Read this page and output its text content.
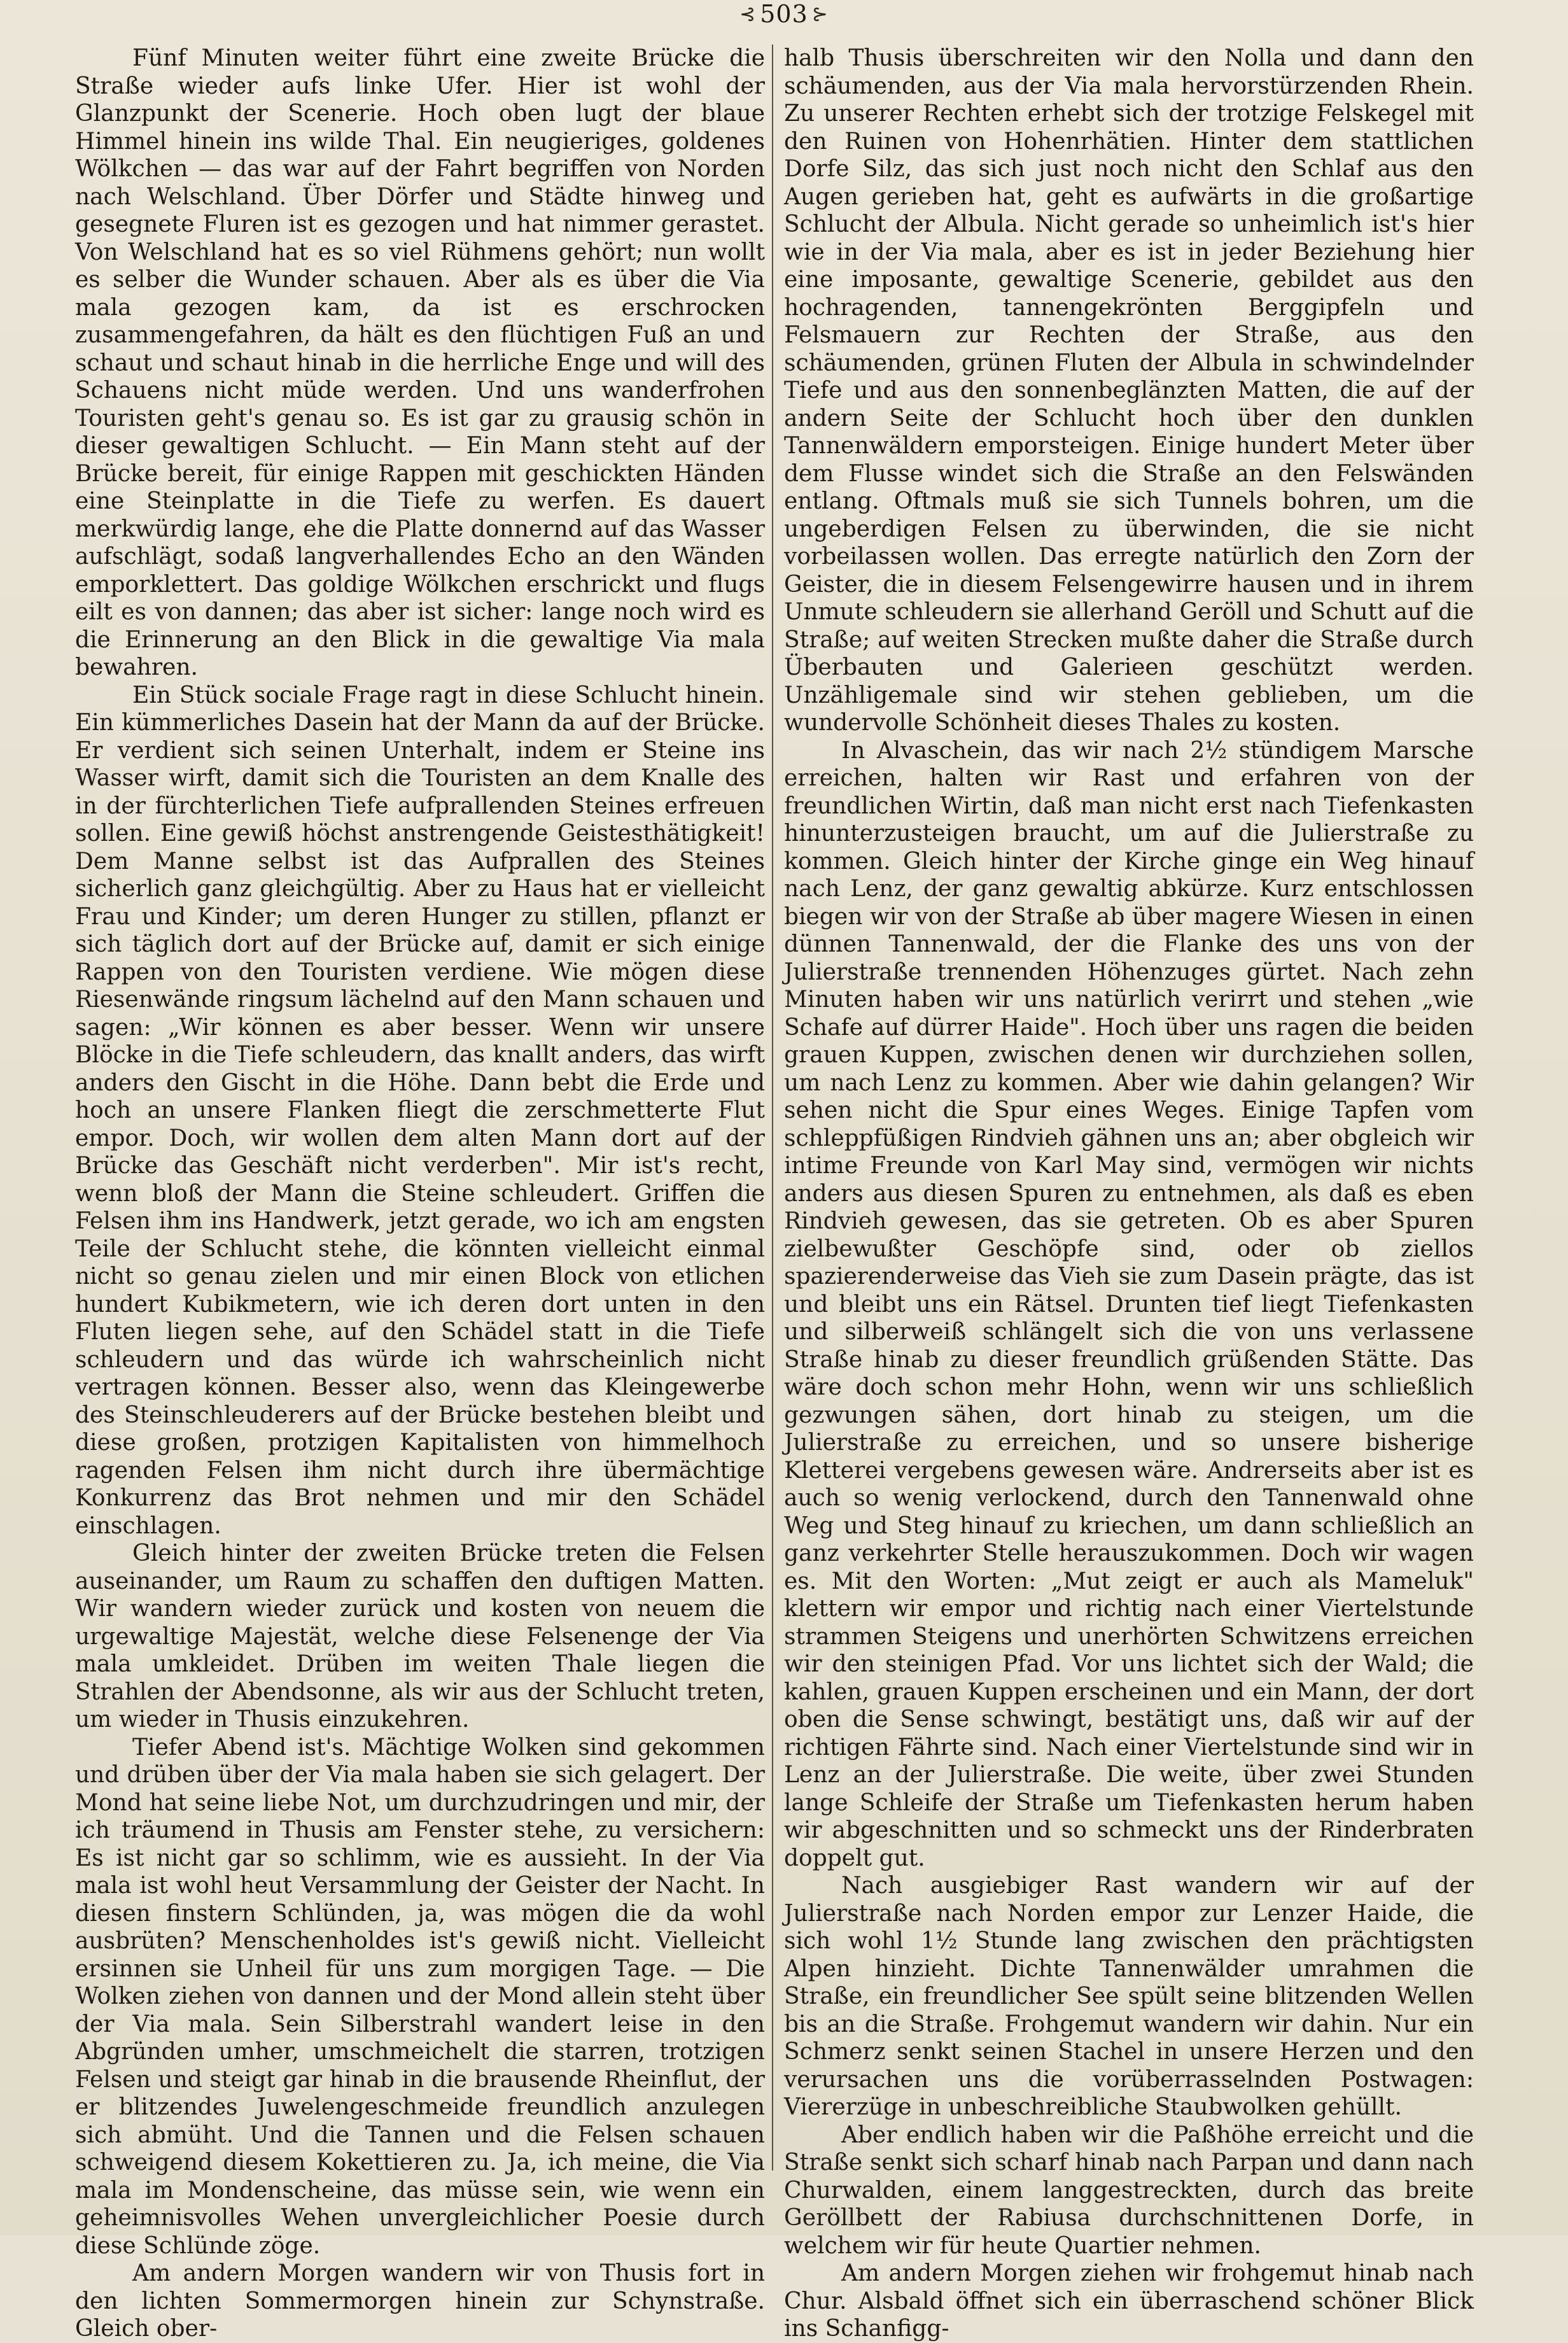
⊰ 503 ⊱

Fünf Minuten weiter führt eine zweite Brücke die Straße wieder aufs linke Ufer. Hier ist wohl der Glanzpunkt der Scenerie. Hoch oben lugt der blaue Himmel hinein ins wilde Thal. Ein neugieriges, goldenes Wölkchen — das war auf der Fahrt begriffen von Norden nach Welschland. Über Dörfer und Städte hinweg und gesegnete Fluren ist es gezogen und hat nimmer gerastet. Von Welschland hat es so viel Rühmens gehört; nun wollt es selber die Wunder schauen. Aber als es über die Via mala gezogen kam, da ist es erschrocken zusammengefahren, da hält es den flüchtigen Fuß an und schaut und schaut hinab in die herrliche Enge und will des Schauens nicht müde werden. Und uns wanderfrohen Touristen geht's genau so. Es ist gar zu grausig schön in dieser gewaltigen Schlucht. — Ein Mann steht auf der Brücke bereit, für einige Rappen mit geschickten Händen eine Steinplatte in die Tiefe zu werfen. Es dauert merkwürdig lange, ehe die Platte donnernd auf das Wasser aufschlägt, sodaß langverhallendes Echo an den Wänden emporklettert. Das goldige Wölkchen erschrickt und flugs eilt es von dannen; das aber ist sicher: lange noch wird es die Erinnerung an den Blick in die gewaltige Via mala bewahren.

Ein Stück sociale Frage ragt in diese Schlucht hinein. Ein kümmerliches Dasein hat der Mann da auf der Brücke. Er verdient sich seinen Unterhalt, indem er Steine ins Wasser wirft, damit sich die Touristen an dem Knalle des in der fürchterlichen Tiefe aufprallenden Steines erfreuen sollen. Eine gewiß höchst anstrengende Geistesthätigkeit! Dem Manne selbst ist das Aufprallen des Steines sicherlich ganz gleichgültig. Aber zu Haus hat er vielleicht Frau und Kinder; um deren Hunger zu stillen, pflanzt er sich täglich dort auf der Brücke auf, damit er sich einige Rappen von den Touristen verdiene. Wie mögen diese Riesenwände ringsum lächelnd auf den Mann schauen und sagen: „Wir können es aber besser. Wenn wir unsere Blöcke in die Tiefe schleudern, das knallt anders, das wirft anders den Gischt in die Höhe. Dann bebt die Erde und hoch an unsere Flanken fliegt die zerschmetterte Flut empor. Doch, wir wollen dem alten Mann dort auf der Brücke das Geschäft nicht verderben". Mir ist's recht, wenn bloß der Mann die Steine schleudert. Griffen die Felsen ihm ins Handwerk, jetzt gerade, wo ich am engsten Teile der Schlucht stehe, die könnten vielleicht einmal nicht so genau zielen und mir einen Block von etlichen hundert Kubikmetern, wie ich deren dort unten in den Fluten liegen sehe, auf den Schädel statt in die Tiefe schleudern und das würde ich wahrscheinlich nicht vertragen können. Besser also, wenn das Kleingewerbe des Steinschleuderers auf der Brücke bestehen bleibt und diese großen, protzigen Kapitalisten von himmelhoch ragenden Felsen ihm nicht durch ihre übermächtige Konkurrenz das Brot nehmen und mir den Schädel einschlagen.

Gleich hinter der zweiten Brücke treten die Felsen auseinander, um Raum zu schaffen den duftigen Matten. Wir wandern wieder zurück und kosten von neuem die urgewaltige Majestät, welche diese Felsenenge der Via mala umkleidet. Drüben im weiten Thale liegen die Strahlen der Abendsonne, als wir aus der Schlucht treten, um wieder in Thusis einzukehren.

Tiefer Abend ist's. Mächtige Wolken sind gekommen und drüben über der Via mala haben sie sich gelagert. Der Mond hat seine liebe Not, um durchzudringen und mir, der ich träumend in Thusis am Fenster stehe, zu versichern: Es ist nicht gar so schlimm, wie es aussieht. In der Via mala ist wohl heut Versammlung der Geister der Nacht. In diesen finstern Schlünden, ja, was mögen die da wohl ausbrüten? Menschenholdes ist's gewiß nicht. Vielleicht ersinnen sie Unheil für uns zum morgigen Tage. — Die Wolken ziehen von dannen und der Mond allein steht über der Via mala. Sein Silberstrahl wandert leise in den Abgründen umher, umschmeichelt die starren, trotzigen Felsen und steigt gar hinab in die brausende Rheinflut, der er blitzendes Juwelengeschmeide freundlich anzulegen sich abmüht. Und die Tannen und die Felsen schauen schweigend diesem Kokettieren zu. Ja, ich meine, die Via mala im Mondenscheine, das müsse sein, wie wenn ein geheimnisvolles Wehen unvergleichlicher Poesie durch diese Schlünde zöge.

Am andern Morgen wandern wir von Thusis fort in den lichten Sommermorgen hinein zur Schynstraße. Gleich ober-

halb Thusis überschreiten wir den Nolla und dann den schäumenden, aus der Via mala hervorstürzenden Rhein. Zu unserer Rechten erhebt sich der trotzige Felskegel mit den Ruinen von Hohenrhätien. Hinter dem stattlichen Dorfe Silz, das sich just noch nicht den Schlaf aus den Augen gerieben hat, geht es aufwärts in die großartige Schlucht der Albula. Nicht gerade so unheimlich ist's hier wie in der Via mala, aber es ist in jeder Beziehung hier eine imposante, gewaltige Scenerie, gebildet aus den hochragenden, tannengekrönten Berggipfeln und Felsmauern zur Rechten der Straße, aus den schäumenden, grünen Fluten der Albula in schwindelnder Tiefe und aus den sonnenbeglänzten Matten, die auf der andern Seite der Schlucht hoch über den dunklen Tannenwäldern emporsteigen. Einige hundert Meter über dem Flusse windet sich die Straße an den Felswänden entlang. Oftmals muß sie sich Tunnels bohren, um die ungeberdigen Felsen zu überwinden, die sie nicht vorbeilassen wollen. Das erregte natürlich den Zorn der Geister, die in diesem Felsengewirre hausen und in ihrem Unmute schleudern sie allerhand Geröll und Schutt auf die Straße; auf weiten Strecken mußte daher die Straße durch Überbauten und Galerieen geschützt werden. Unzähligemale sind wir stehen geblieben, um die wundervolle Schönheit dieses Thales zu kosten.

In Alvaschein, das wir nach 2½ stündigem Marsche erreichen, halten wir Rast und erfahren von der freundlichen Wirtin, daß man nicht erst nach Tiefenkasten hinunterzusteigen braucht, um auf die Julierstraße zu kommen. Gleich hinter der Kirche ginge ein Weg hinauf nach Lenz, der ganz gewaltig abkürze. Kurz entschlossen biegen wir von der Straße ab über magere Wiesen in einen dünnen Tannenwald, der die Flanke des uns von der Julierstraße trennenden Höhenzuges gürtet. Nach zehn Minuten haben wir uns natürlich verirrt und stehen „wie Schafe auf dürrer Haide". Hoch über uns ragen die beiden grauen Kuppen, zwischen denen wir durchziehen sollen, um nach Lenz zu kommen. Aber wie dahin gelangen? Wir sehen nicht die Spur eines Weges. Einige Tapfen vom schleppfüßigen Rindvieh gähnen uns an; aber obgleich wir intime Freunde von Karl May sind, vermögen wir nichts anders aus diesen Spuren zu entnehmen, als daß es eben Rindvieh gewesen, das sie getreten. Ob es aber Spuren zielbewußter Geschöpfe sind, oder ob ziellos spazierenderweise das Vieh sie zum Dasein prägte, das ist und bleibt uns ein Rätsel. Drunten tief liegt Tiefenkasten und silberweiß schlängelt sich die von uns verlassene Straße hinab zu dieser freundlich grüßenden Stätte. Das wäre doch schon mehr Hohn, wenn wir uns schließlich gezwungen sähen, dort hinab zu steigen, um die Julierstraße zu erreichen, und so unsere bisherige Kletterei vergebens gewesen wäre. Andrerseits aber ist es auch so wenig verlockend, durch den Tannenwald ohne Weg und Steg hinauf zu kriechen, um dann schließlich an ganz verkehrter Stelle herauszukommen. Doch wir wagen es. Mit den Worten: „Mut zeigt er auch als Mameluk" klettern wir empor und richtig nach einer Viertelstunde strammen Steigens und unerhörten Schwitzens erreichen wir den steinigen Pfad. Vor uns lichtet sich der Wald; die kahlen, grauen Kuppen erscheinen und ein Mann, der dort oben die Sense schwingt, bestätigt uns, daß wir auf der richtigen Fährte sind. Nach einer Viertelstunde sind wir in Lenz an der Julierstraße. Die weite, über zwei Stunden lange Schleife der Straße um Tiefenkasten herum haben wir abgeschnitten und so schmeckt uns der Rinderbraten doppelt gut.

Nach ausgiebiger Rast wandern wir auf der Julierstraße nach Norden empor zur Lenzer Haide, die sich wohl 1½ Stunde lang zwischen den prächtigsten Alpen hinzieht. Dichte Tannenwälder umrahmen die Straße, ein freundlicher See spült seine blitzenden Wellen bis an die Straße. Frohgemut wandern wir dahin. Nur ein Schmerz senkt seinen Stachel in unsere Herzen und den verursachen uns die vorüberrasselnden Postwagen: Viererzüge in unbeschreibliche Staubwolken gehüllt.

Aber endlich haben wir die Paßhöhe erreicht und die Straße senkt sich scharf hinab nach Parpan und dann nach Churwalden, einem langgestreckten, durch das breite Geröllbett der Rabiusa durchschnittenen Dorfe, in welchem wir für heute Quartier nehmen.

Am andern Morgen ziehen wir frohgemut hinab nach Chur. Alsbald öffnet sich ein überraschend schöner Blick ins Schanfigg-
